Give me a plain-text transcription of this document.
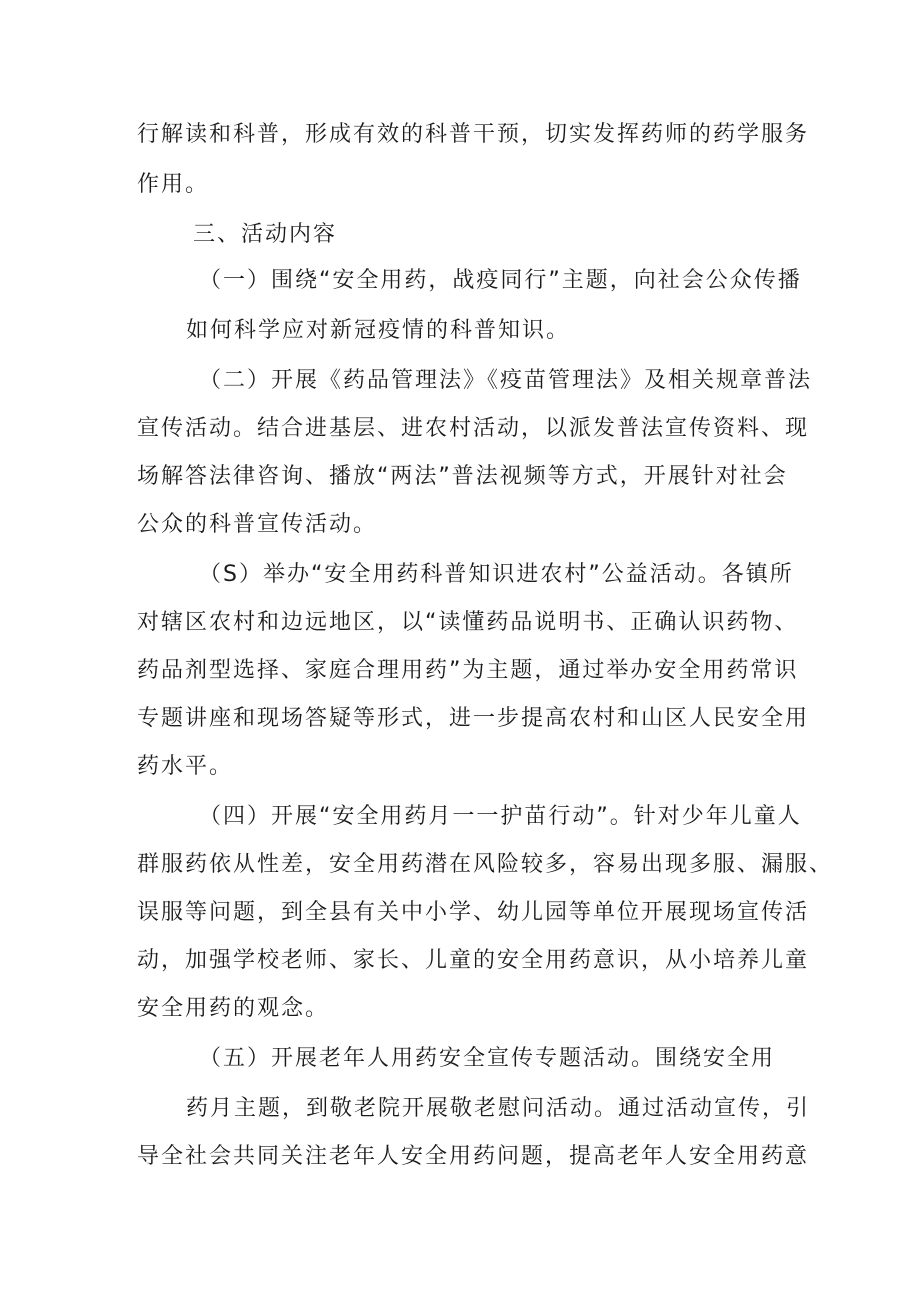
行解读和科普，形成有效的科普干预，切实发挥药师的药学服务
作用。
三、活动内容
（一）围绕“安全用药，战疫同行”主题，向社会公众传播
如何科学应对新冠疫情的科普知识。
（二）开展《药品管理法》《疫苗管理法》及相关规章普法
宣传活动。结合进基层、进农村活动，以派发普法宣传资料、现
场解答法律咨询、播放“两法”普法视频等方式，开展针对社会
公众的科普宣传活动。
（S）举办“安全用药科普知识进农村”公益活动。各镇所
对辖区农村和边远地区，以“读懂药品说明书、正确认识药物、
药品剂型选择、家庭合理用药”为主题，通过举办安全用药常识
专题讲座和现场答疑等形式，进一步提高农村和山区人民安全用
药水平。
（四）开展“安全用药月一一护苗行动”。针对少年儿童人
群服药依从性差，安全用药潜在风险较多，容易出现多服、漏服、
误服等问题，到全县有关中小学、幼儿园等单位开展现场宣传活
动，加强学校老师、家长、儿童的安全用药意识，从小培养儿童
安全用药的观念。
（五）开展老年人用药安全宣传专题活动。围绕安全用
药月主题，到敬老院开展敬老慰问活动。通过活动宣传，引
导全社会共同关注老年人安全用药问题，提高老年人安全用药意
